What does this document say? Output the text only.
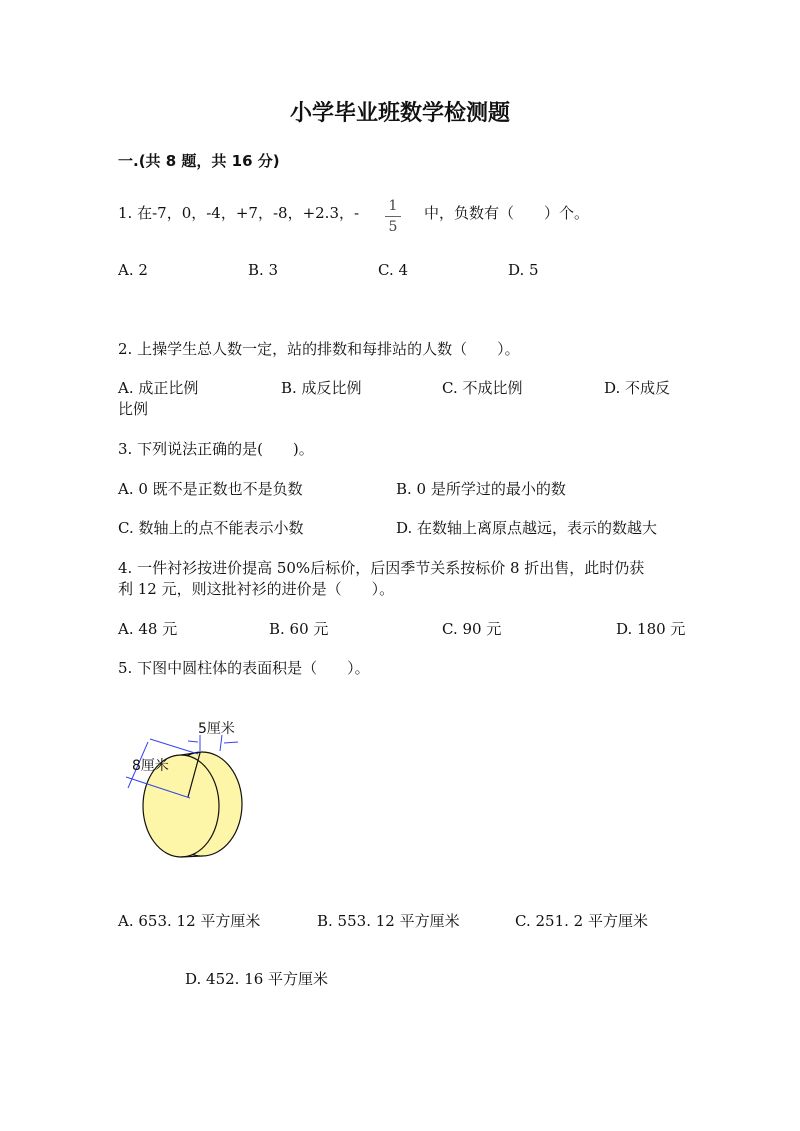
小学毕业班数学检测题
一.(共 8 题，共 16 分)
1. 在-7，0，-4，+7，-8，+2.3，- 1
5
中，负数有（　　）个。
A. 2	B. 3	C. 4	D. 5
2. 上操学生总人数一定，站的排数和每排站的人数（　　）。
A. 成正比例	B. 成反比例	C. 不成比例	D. 不成反
比例
3. 下列说法正确的是(　　)。
A. 0 既不是正数也不是负数	B. 0 是所学过的最小的数
C. 数轴上的点不能表示小数	D. 在数轴上离原点越远，表示的数越大
4. 一件衬衫按进价提高 50%后标价，后因季节关系按标价 8 折出售，此时仍获
利 12 元，则这批衬衫的进价是（　　）。
A. 48 元	B. 60 元	C. 90 元	D. 180 元
5. 下图中圆柱体的表面积是（　　）。
5厘米
8厘米
A. 653. 12 平方厘米	B. 553. 12 平方厘米	C. 251. 2 平方厘米
D. 452. 16 平方厘米
